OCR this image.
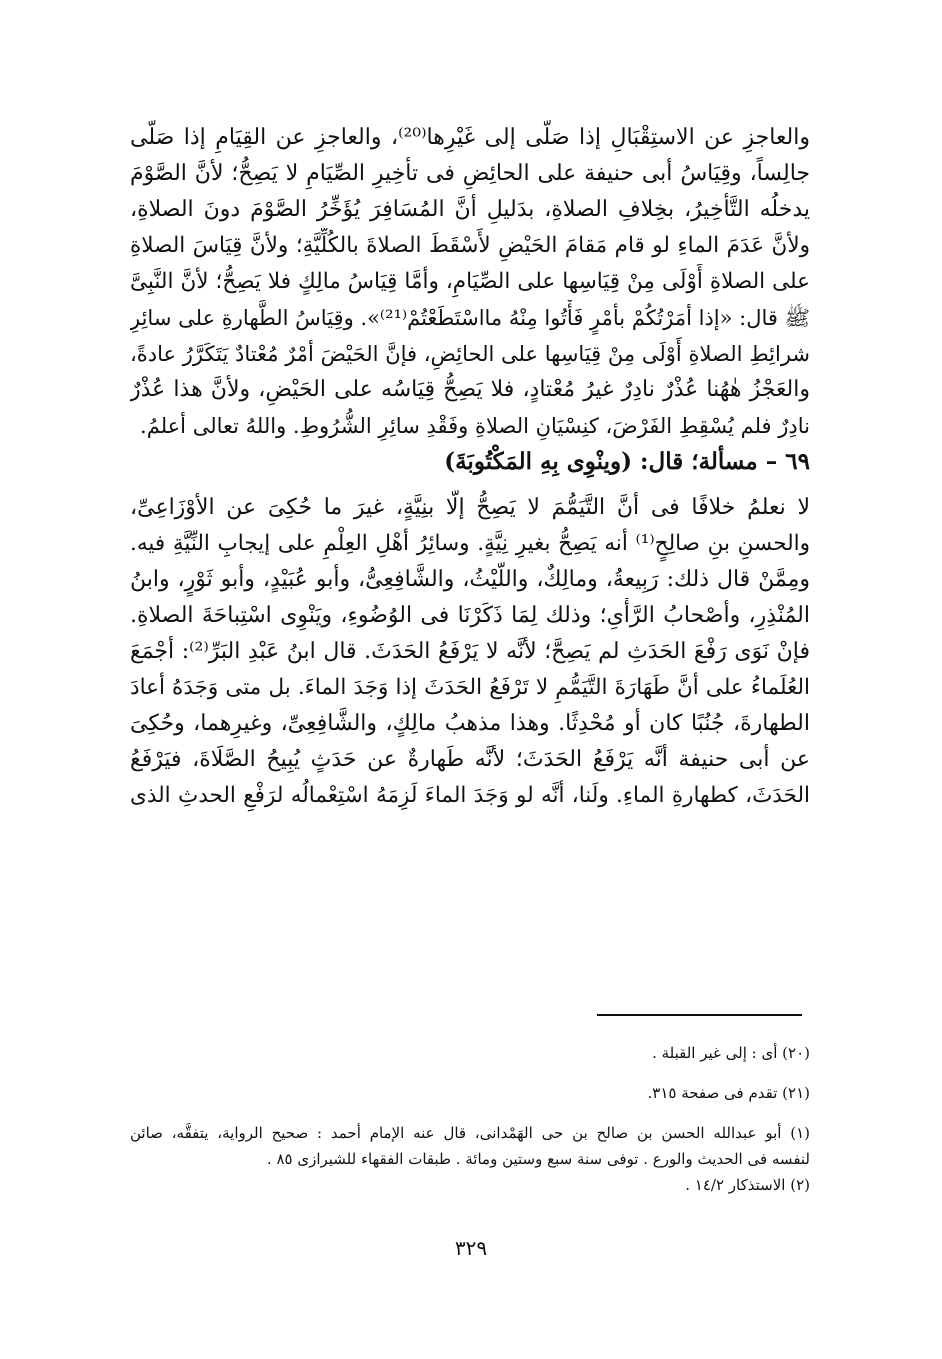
والعاجزِ عن الاستِقْبَالِ إذا صَلَّى إلى غَيْرِها⁽²⁰⁾، والعاجزِ عن القِيَامِ إذا صَلَّى
جالِساً، وقِيَاسُ أبى حنيفة على الحائِضِ فى تأْخِيرِ الصِّيَامِ لا يَصِحُّ؛ لأنَّ الصَّوْمَ
يدخلُه التَّأْخِيرُ، بخِلافِ الصلاةِ، بدَليلِ أنَّ المُسَافِرَ يُؤَخِّرُ الصَّوْمَ دونَ الصلاةِ،
ولأنَّ عَدَمَ الماءِ لو قام مَقامَ الحَيْضِ لأَسْقَطَ الصلاةَ بالكُلِّيَّةِ؛ ولأنَّ قِيَاسَ الصلاةِ
على الصلاةِ أَوْلَى مِنْ قِيَاسِها على الصِّيَامِ، وأمَّا قِيَاسُ مالِكٍ فلا يَصِحُّ؛ لأنَّ النَّبِىَّ
ﷺ قال: «إذا أمَرْتُكُمْ بأمْرٍ فَأْتُوا مِنْهُ مااسْتَطَعْتُمْ⁽²¹⁾». وقِيَاسُ الطَّهارةِ على سائِرِ
شرائِطِ الصلاةِ أَوْلَى مِنْ قِيَاسِها على الحائِضِ، فإنَّ الحَيْضَ أمْرٌ مُعْتادٌ يَتَكَرَّرُ عادةً،
والعَجْزُ هٰهُنا عُذْرٌ نادِرٌ غيرُ مُعْتادٍ، فلا يَصِحُّ قِيَاسُه على الحَيْضِ، ولأنَّ هذا عُذْرٌ
نادِرٌ فلم يُسْقِطِ الفَرْضَ، كنِسْيَانِ الصلاةِ وفَقْدِ سائِرِ الشُّرُوطِ. واللهُ تعالى أعلمُ.
٦٩ – مسألة؛ قال: (وينْوِى بِهِ المَكْتُوبَةَ)
لا نعلمُ خلافًا فى أنَّ التَّيَمُّمَ لا يَصِحُّ إلَّا بنِيَّةٍ، غيرَ ما حُكِىَ عن الأوْزَاعِىِّ،
والحسنِ بنِ صالِحٍ⁽¹⁾ أنه يَصِحُّ بغيرِ نِيَّةٍ. وسائِرُ أهْلِ العِلْمِ على إيجابِ النِّيَّةِ فيه.
ومِمَّنْ قال ذلك: رَبِيعةُ، ومالِكٌ، واللَّيْثُ، والشَّافِعِىُّ، وأبو عُبَيْدٍ، وأبو ثَوْرٍ، وابنُ
المُنْذِرِ، وأصْحابُ الرَّأْىِ؛ وذلك لِمَا ذَكَرْنَا فى الوُضُوءِ، ويَنْوِى اسْتِباحَةَ الصلاةِ.
فإنْ نَوَى رَفْعَ الحَدَثِ لم يَصِحَّ؛ لأنَّه لا يَرْفَعُ الحَدَثَ. قال ابنُ عَبْدِ البَرِّ⁽²⁾: أجْمَعَ
العُلَماءُ على أنَّ طَهَارَةَ التَّيَمُّمِ لا تَرْفَعُ الحَدَثَ إذا وَجَدَ الماءَ. بل متى وَجَدَهُ أعادَ
الطهارةَ، جُنُبًا كان أو مُحْدِثًا. وهذا مذهبُ مالِكٍ، والشَّافِعِىِّ، وغيرِهما، وحُكِىَ
عن أبى حنيفة أنَّه يَرْفَعُ الحَدَثَ؛ لأنَّه طَهارةٌ عن حَدَثٍ يُبِيحُ الصَّلَاةَ، فيَرْفَعُ
الحَدَثَ، كطهارةِ الماءِ. ولَنا، أنَّه لو وَجَدَ الماءَ لَزِمَهُ اسْتِعْمالُه لرَفْعِ الحدثِ الذى
(٢٠) أى : إلى غير القبلة .
(٢١) تقدم فى صفحة ٣١٥.
(١) أبو عبدالله الحسن بن صالح بن حى الهَمْدانى، قال عنه الإمام أحمد : صحيح الرواية، يتفقَّه، صائن
لنفسه فى الحديث والورع . توفى سنة سبع وستين ومائة . طبقات الفقهاء للشيرازى ٨٥ .
(٢) الاستذكار ١٤/٢ .
٣٢٩
